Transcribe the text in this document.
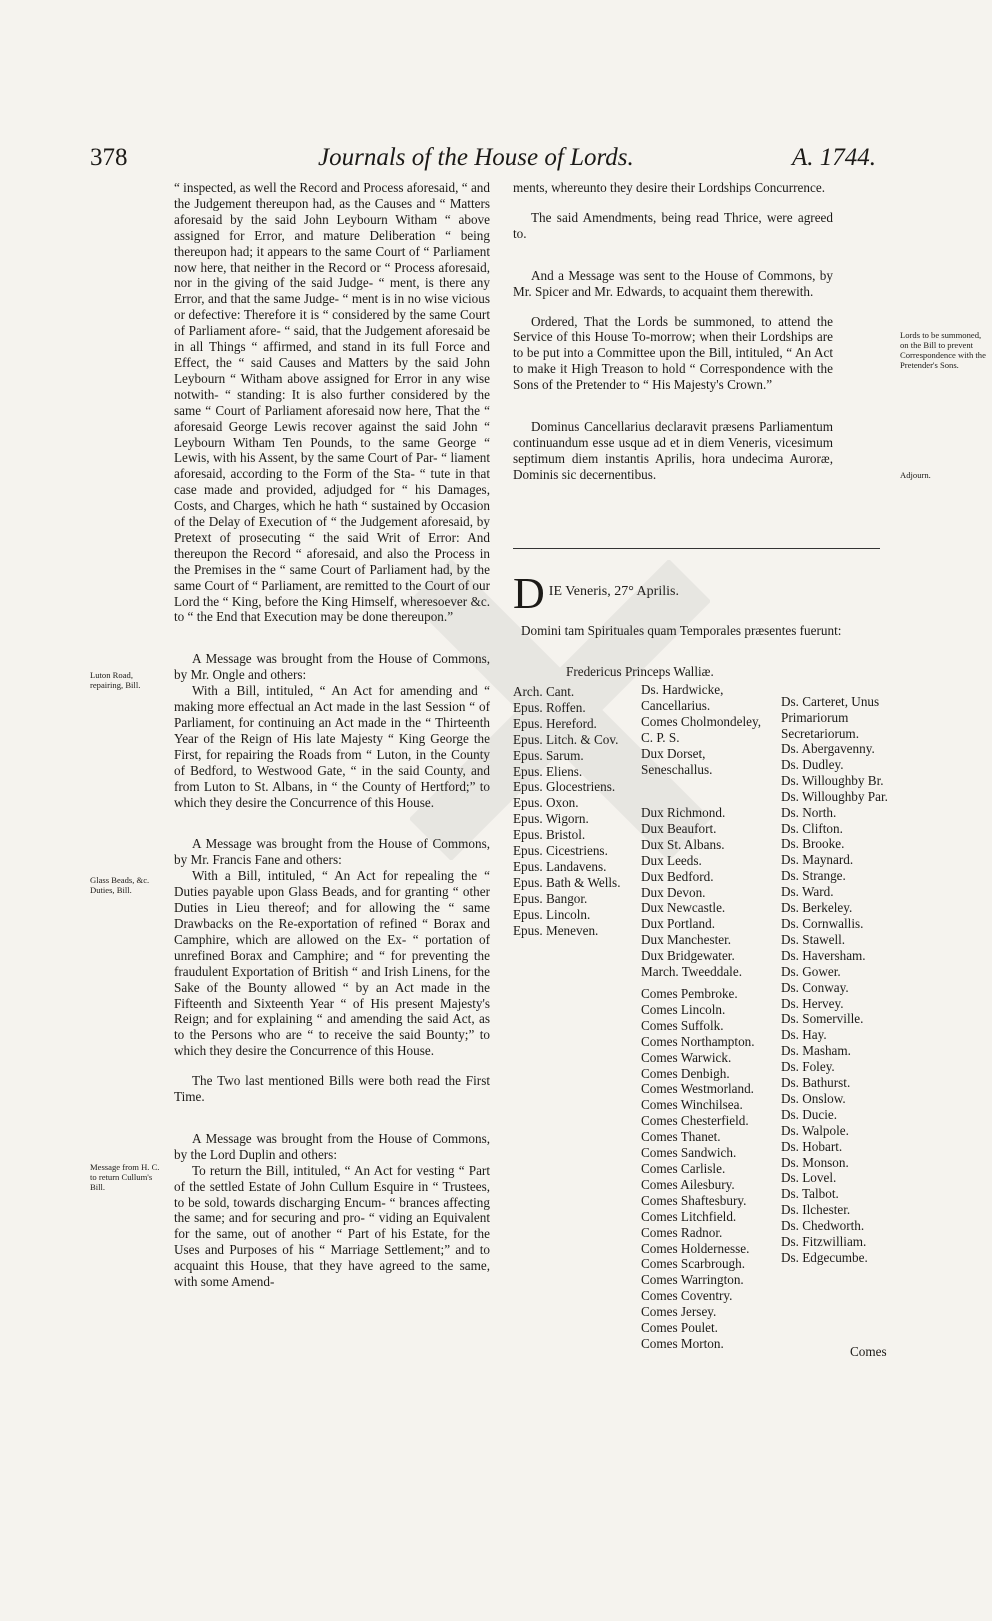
378	Journals of the House of Lords.	A. 1744.
Luton Road, repairing, Bill.
Glass Beads, &c. Duties, Bill.
Message from H. C. to return Cullum's Bill.

“ inspected, as well the Record and Process aforesaid, “ and the Judgement thereupon had, as the Causes and “ Matters aforesaid by the said John Leybourn Witham “ above assigned for Error, and mature Deliberation “ being thereupon had; it appears to the same Court of “ Parliament now here, that neither in the Record or “ Process aforesaid, nor in the giving of the said Judge- “ ment, is there any Error, and that the same Judge- “ ment is in no wise vicious or defective: Therefore it is “ considered by the same Court of Parliament afore- “ said, that the Judgement aforesaid be in all Things “ affirmed, and stand in its full Force and Effect, the “ said Causes and Matters by the said John Leybourn “ Witham above assigned for Error in any wise notwith- “ standing: It is also further considered by the same “ Court of Parliament aforesaid now here, That the “ aforesaid George Lewis recover against the said John “ Leybourn Witham Ten Pounds, to the same George “ Lewis, with his Assent, by the same Court of Par- “ liament aforesaid, according to the Form of the Sta- “ tute in that case made and provided, adjudged for “ his Damages, Costs, and Charges, which he hath “ sustained by Occasion of the Delay of Execution of “ the Judgement aforesaid, by Pretext of prosecuting “ the said Writ of Error: And thereupon the Record “ aforesaid, and also the Process in the Premises in the “ same Court of Parliament had, by the same Court of “ Parliament, are remitted to the Court of our Lord the “ King, before the King Himself, wheresoever &c. to “ the End that Execution may be done thereupon.”

A Message was brought from the House of Commons, by Mr. Ongle and others:

With a Bill, intituled, “ An Act for amending and “ making more effectual an Act made in the last Session “ of Parliament, for continuing an Act made in the “ Thirteenth Year of the Reign of His late Majesty “ King George the First, for repairing the Roads from “ Luton, in the County of Bedford, to Westwood Gate, “ in the said County, and from Luton to St. Albans, in “ the County of Hertford;” to which they desire the Concurrence of this House.

A Message was brought from the House of Commons, by Mr. Francis Fane and others:

With a Bill, intituled, “ An Act for repealing the “ Duties payable upon Glass Beads, and for granting “ other Duties in Lieu thereof; and for allowing the “ same Drawbacks on the Re-exportation of refined “ Borax and Camphire, which are allowed on the Ex- “ portation of unrefined Borax and Camphire; and “ for preventing the fraudulent Exportation of British “ and Irish Linens, for the Sake of the Bounty allowed “ by an Act made in the Fifteenth and Sixteenth Year “ of His present Majesty's Reign; and for explaining “ and amending the said Act, as to the Persons who are “ to receive the said Bounty;” to which they desire the Concurrence of this House.

The Two last mentioned Bills were both read the First Time.

A Message was brought from the House of Commons, by the Lord Duplin and others:

To return the Bill, intituled, “ An Act for vesting “ Part of the settled Estate of John Cullum Esquire in “ Trustees, to be sold, towards discharging Encum- “ brances affecting the same; and for securing and pro- “ viding an Equivalent for the same, out of another “ Part of his Estate, for the Uses and Purposes of his “ Marriage Settlement;” and to acquaint this House, that they have agreed to the same, with some Amend-

ments, whereunto they desire their Lordships Concurrence.

The said Amendments, being read Thrice, were agreed to.

And a Message was sent to the House of Commons, by Mr. Spicer and Mr. Edwards, to acquaint them therewith.

Ordered, That the Lords be summoned, to attend the Service of this House To-morrow; when their Lordships are to be put into a Committee upon the Bill, intituled, “ An Act to make it High Treason to hold “ Correspondence with the Sons of the Pretender to “ His Majesty's Crown.”

Dominus Cancellarius declaravit præsens Parliamentum continuandum esse usque ad et in diem Veneris, vicesimum septimum diem instantis Aprilis, hora undecima Auroræ, Dominis sic decernentibus.

Lords to be summoned, on the Bill to prevent Correspondence with the Pretender's Sons.
Adjourn.
D IE Veneris, 27° Aprilis.
Domini tam Spirituales quam Temporales præsentes fuerunt:
Fredericus Princeps Walliæ.
Arch. Cant.
Epus. Roffen.
Epus. Hereford.
Epus. Litch. & Cov.
Epus. Sarum.
Epus. Eliens.
Epus. Glocestriens.
Epus. Oxon.
Epus. Wigorn.
Epus. Bristol.
Epus. Cicestriens.
Epus. Landavens.
Epus. Bath & Wells.
Epus. Bangor.
Epus. Lincoln.
Epus. Meneven.
Ds. Hardwicke, Cancellarius.
Comes Cholmondeley, C. P. S.
Dux Dorset, Seneschallus.
Dux Richmond.
Dux Beaufort.
Dux St. Albans.
Dux Leeds.
Dux Bedford.
Dux Devon.
Dux Newcastle.
Dux Portland.
Dux Manchester.
Dux Bridgewater.
March. Tweeddale.
Comes Pembroke.
Comes Lincoln.
Comes Suffolk.
Comes Northampton.
Comes Warwick.
Comes Denbigh.
Comes Westmorland.
Comes Winchilsea.
Comes Chesterfield.
Comes Thanet.
Comes Sandwich.
Comes Carlisle.
Comes Ailesbury.
Comes Shaftesbury.
Comes Litchfield.
Comes Radnor.
Comes Holdernesse.
Comes Scarbrough.
Comes Warrington.
Comes Coventry.
Comes Jersey.
Comes Poulet.
Comes Morton.
Ds. Carteret, Unus Primariorum Secretariorum.
Ds. Abergavenny.
Ds. Dudley.
Ds. Willoughby Br.
Ds. Willoughby Par.
Ds. North.
Ds. Clifton.
Ds. Brooke.
Ds. Maynard.
Ds. Strange.
Ds. Ward.
Ds. Berkeley.
Ds. Cornwallis.
Ds. Stawell.
Ds. Haversham.
Ds. Gower.
Ds. Conway.
Ds. Hervey.
Ds. Somerville.
Ds. Hay.
Ds. Masham.
Ds. Foley.
Ds. Bathurst.
Ds. Onslow.
Ds. Ducie.
Ds. Walpole.
Ds. Hobart.
Ds. Monson.
Ds. Lovel.
Ds. Talbot.
Ds. Ilchester.
Ds. Chedworth.
Ds. Fitzwilliam.
Ds. Edgecumbe.
Comes
